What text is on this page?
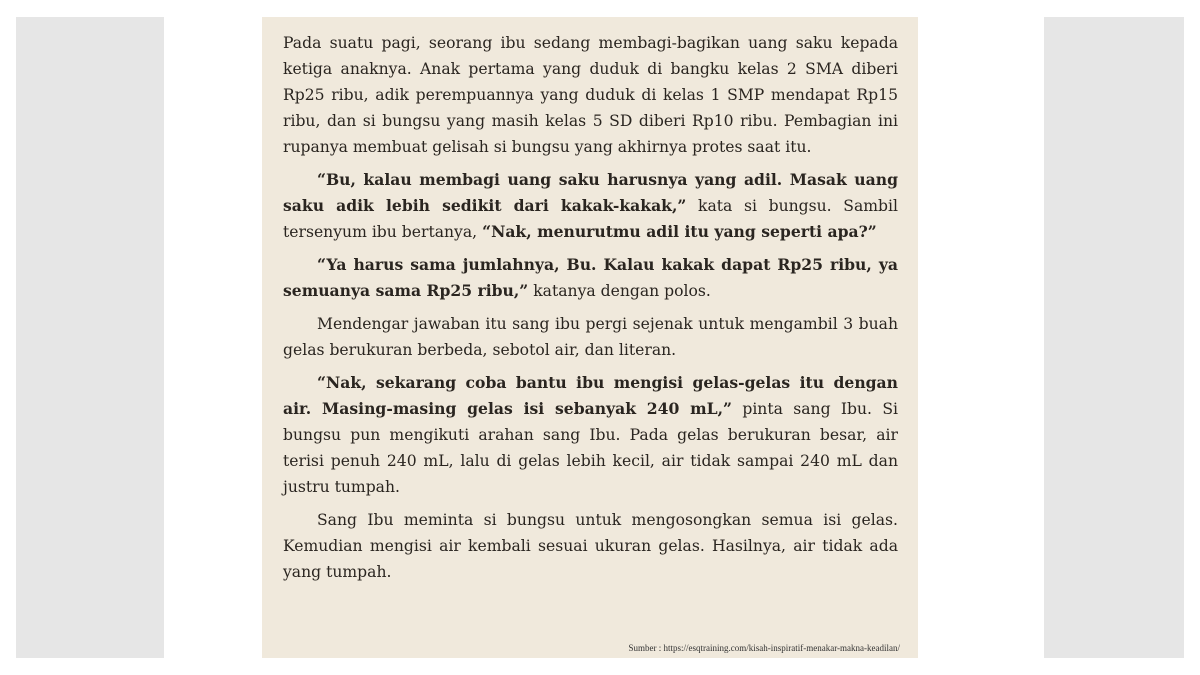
Pada suatu pagi, seorang ibu sedang membagi-bagikan uang saku kepada ketiga anaknya. Anak pertama yang duduk di bangku kelas 2 SMA diberi Rp25 ribu, adik perempuannya yang duduk di kelas 1 SMP mendapat Rp15 ribu, dan si bungsu yang masih kelas 5 SD diberi Rp10 ribu. Pembagian ini rupanya membuat gelisah si bungsu yang akhirnya protes saat itu.

“Bu, kalau membagi uang saku harusnya yang adil. Masak uang saku adik lebih sedikit dari kakak-kakak,” kata si bungsu. Sambil tersenyum ibu bertanya, “Nak, menurutmu adil itu yang seperti apa?”

“Ya harus sama jumlahnya, Bu. Kalau kakak dapat Rp25 ribu, ya semuanya sama Rp25 ribu,” katanya dengan polos.

Mendengar jawaban itu sang ibu pergi sejenak untuk mengambil 3 buah gelas berukuran berbeda, sebotol air, dan literan.

“Nak, sekarang coba bantu ibu mengisi gelas-gelas itu dengan air. Masing-masing gelas isi sebanyak 240 mL,” pinta sang Ibu. Si bungsu pun mengikuti arahan sang Ibu. Pada gelas berukuran besar, air terisi penuh 240 mL, lalu di gelas lebih kecil, air tidak sampai 240 mL dan justru tumpah.

Sang Ibu meminta si bungsu untuk mengosongkan semua isi gelas. Kemudian mengisi air kembali sesuai ukuran gelas. Hasilnya, air tidak ada yang tumpah.

Sumber : https://esqtraining.com/kisah-inspiratif-menakar-makna-keadilan/
